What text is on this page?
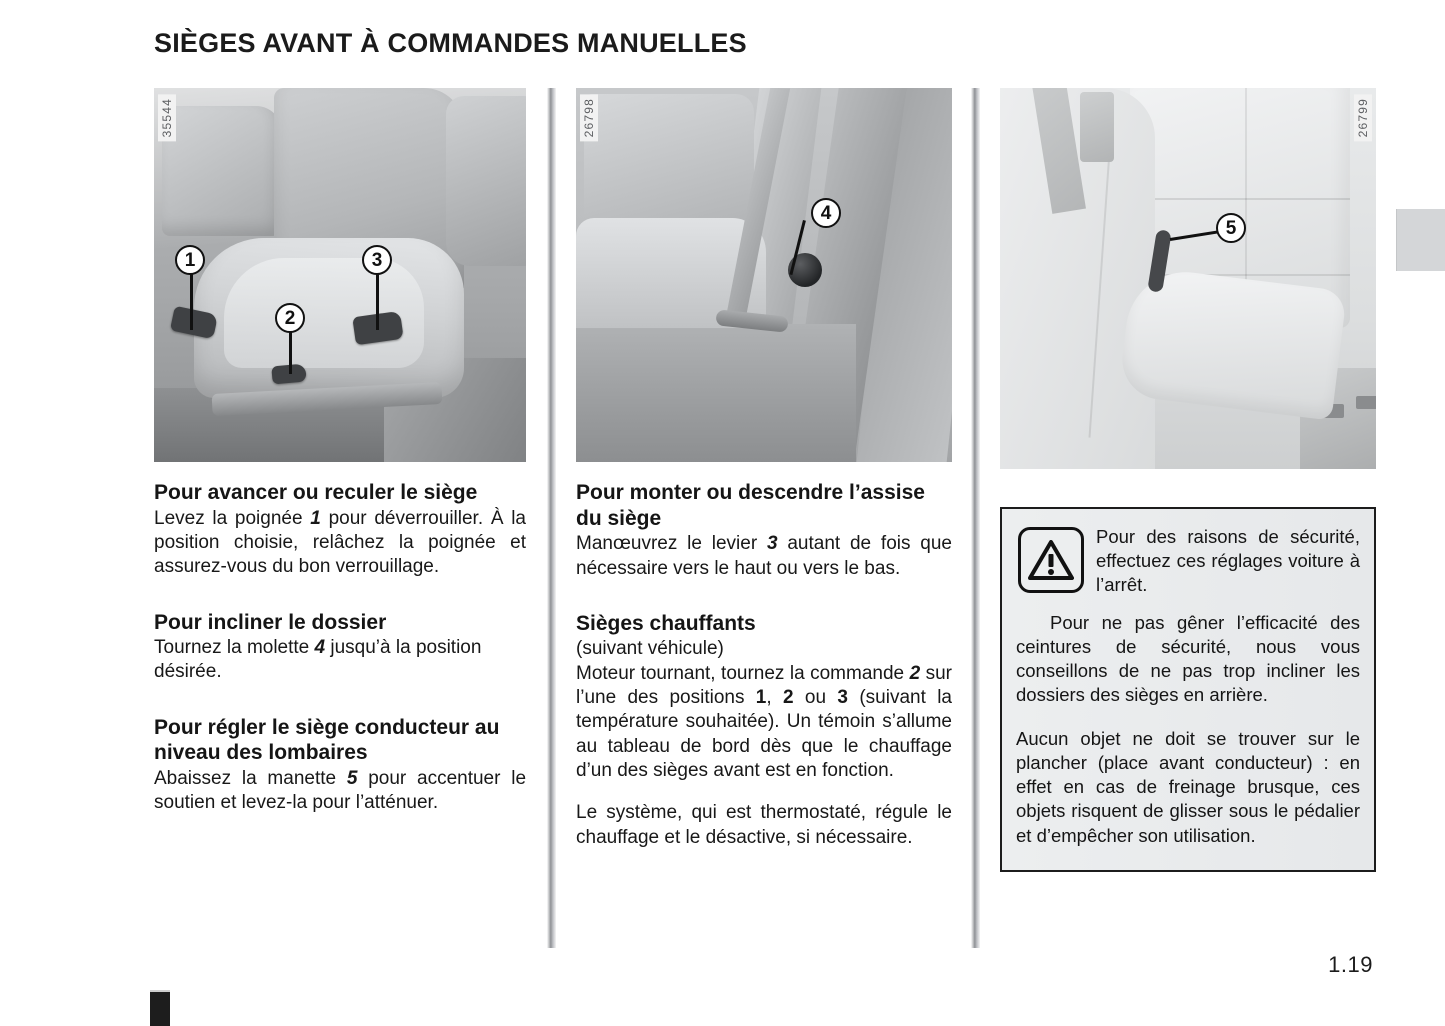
SIÈGES AVANT À COMMANDES MANUELLES
1.19
35544
1
2
3
Pour avancer ou reculer le siège

Levez la poignée 1 pour déverrouiller. À la position choisie, relâchez la poignée et assurez-vous du bon verrouillage.

Pour incliner le dossier

Tournez la molette 4 jusqu’à la position désirée.

Pour régler le siège conducteur au niveau des lombaires

Abaissez la manette 5 pour accentuer le soutien et levez-la pour l’atténuer.

26798
4
Pour monter ou descendre l’assise du siège

Manœuvrez le levier 3 autant de fois que nécessaire vers le haut ou vers le bas.

Sièges chauffants

(suivant véhicule)

Moteur tournant, tournez la commande 2 sur l’une des positions 1, 2 ou 3 (suivant la température souhaitée). Un témoin s’allume au tableau de bord dès que le chauffage d’un des sièges avant est en fonction.

Le système, qui est thermostaté, régule le chauffage et le désactive, si nécessaire.

26799
5

Pour des raisons de sécurité, effectuez ces réglages voiture à l’arrêt.

Pour ne pas gêner l’efficacité des ceintures de sécurité, nous vous conseillons de ne pas trop incliner les dossiers des sièges en arrière.

Aucun objet ne doit se trouver sur le plancher (place avant conducteur) : en effet en cas de freinage brusque, ces objets risquent de glisser sous le pédalier et d’empêcher son utilisation.
